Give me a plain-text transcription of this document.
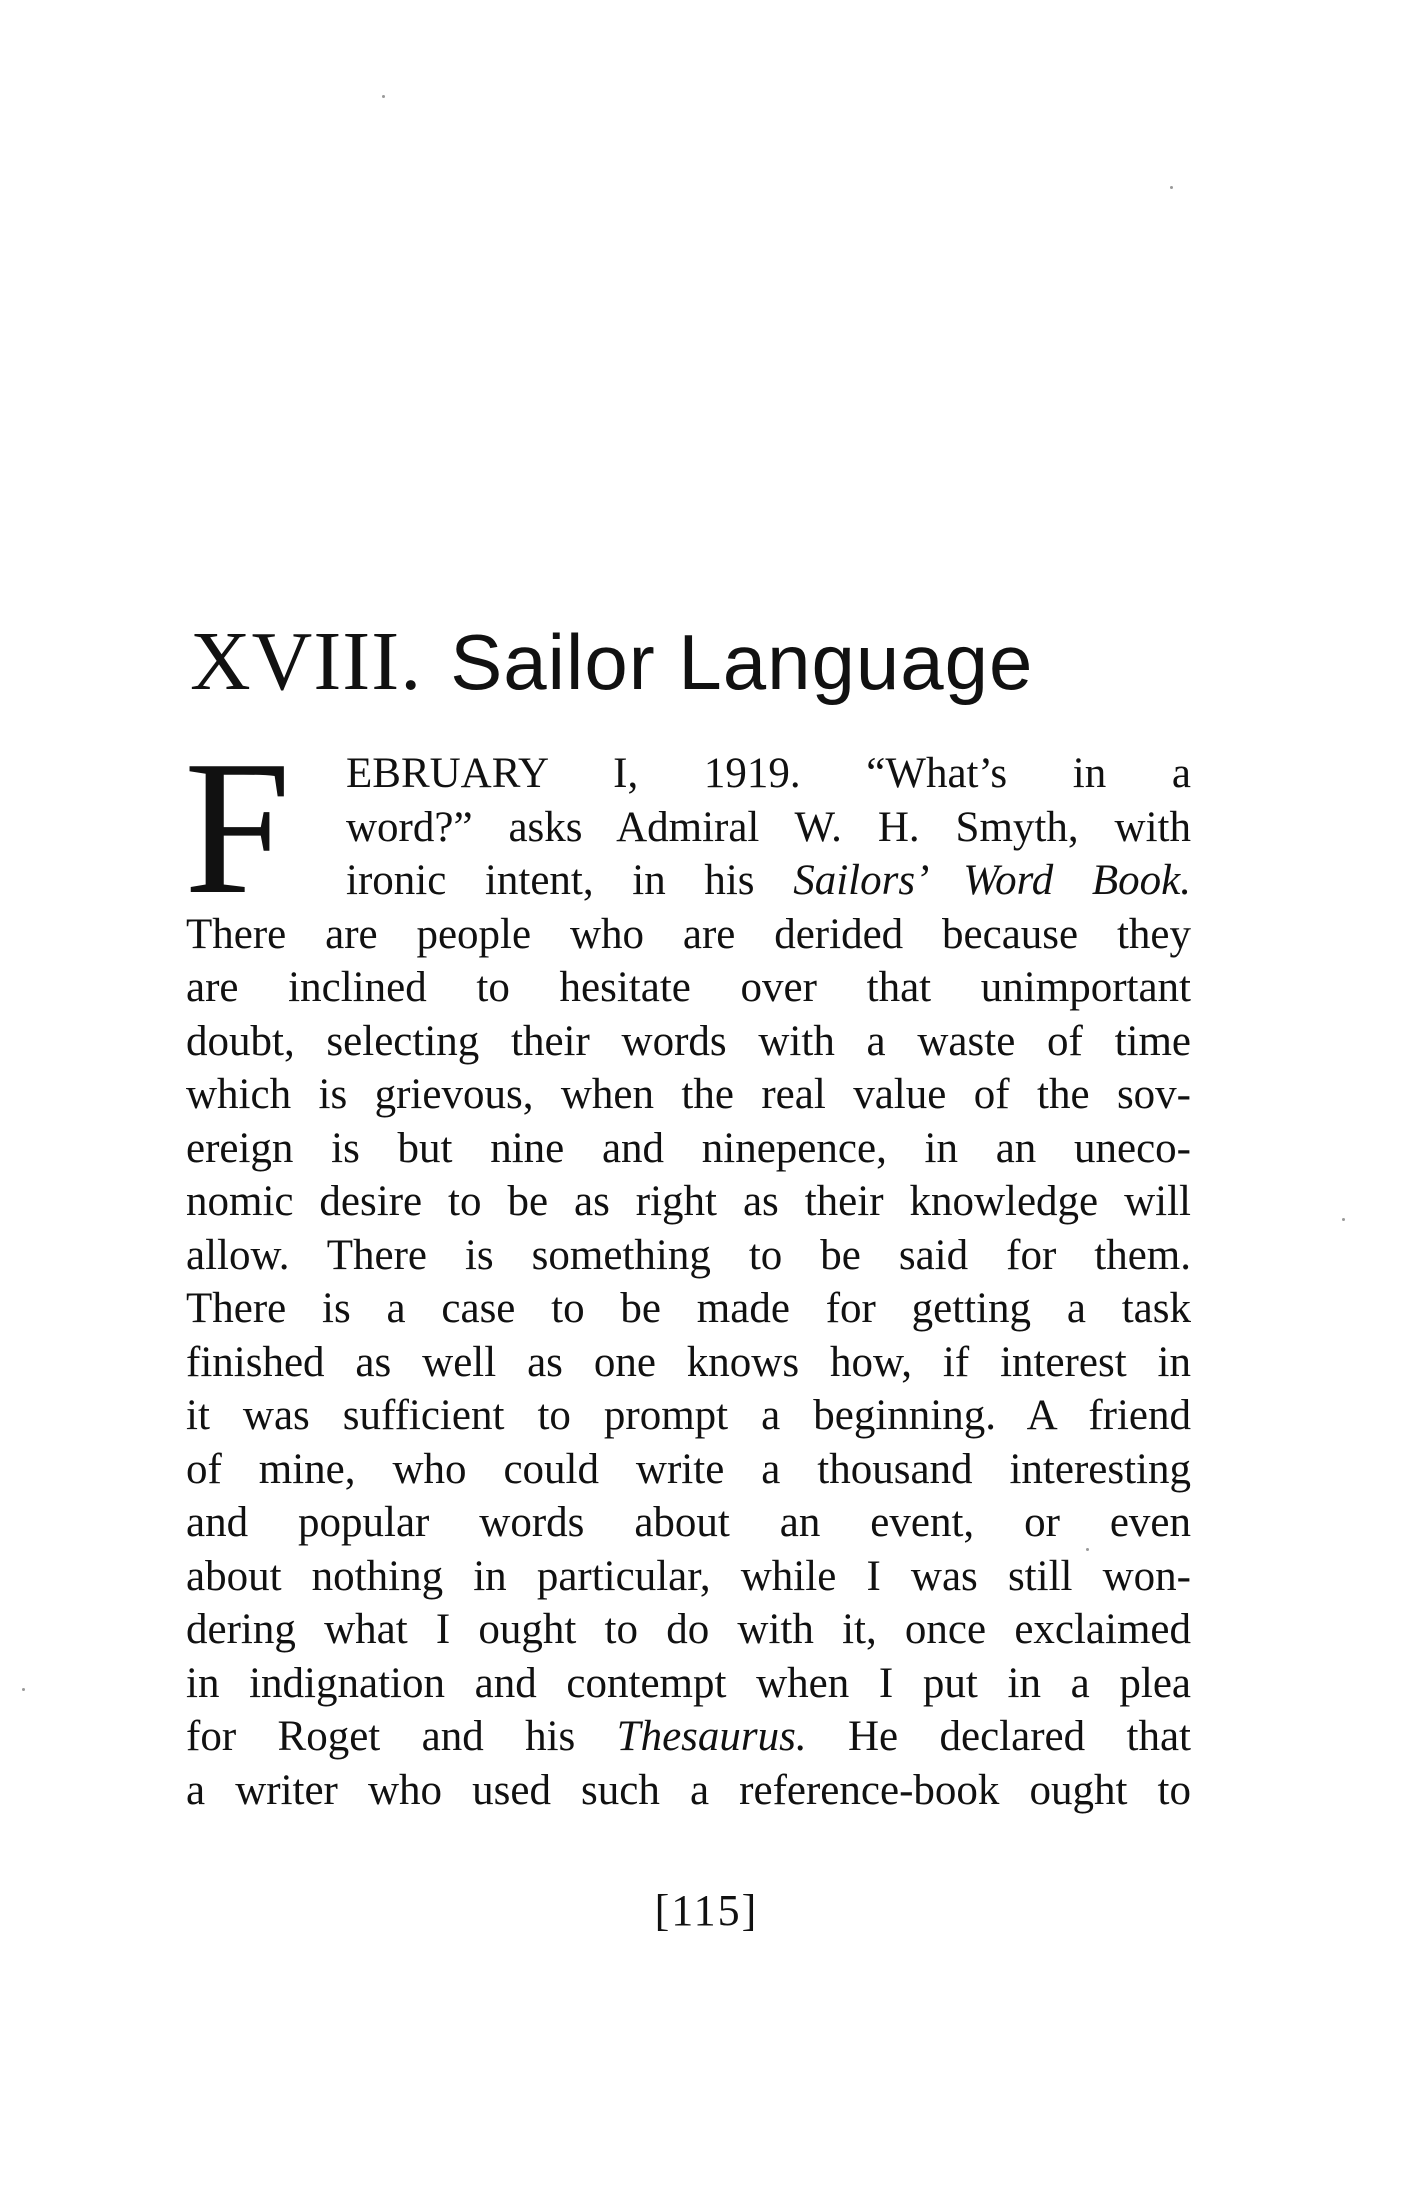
XVIII. Sailor Language
F EBRUARY I, 1919. “What’s in a
word?” asks Admiral W. H. Smyth, with
ironic intent, in his Sailors’ Word Book.
There are people who are derided because they
are inclined to hesitate over that unimportant
doubt, selecting their words with a waste of time
which is grievous, when the real value of the sov-
ereign is but nine and ninepence, in an uneco-
nomic desire to be as right as their knowledge will
allow. There is something to be said for them.
There is a case to be made for getting a task
finished as well as one knows how, if interest in
it was sufficient to prompt a beginning. A friend
of mine, who could write a thousand interesting
and popular words about an event, or even
about nothing in particular, while I was still won-
dering what I ought to do with it, once exclaimed
in indignation and contempt when I put in a plea
for Roget and his Thesaurus. He declared that
a writer who used such a reference-book ought to
[115]
